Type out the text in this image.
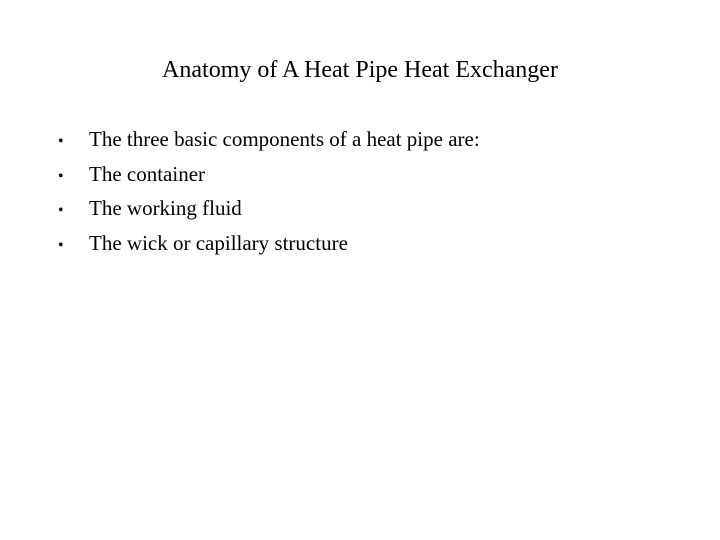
Anatomy of A Heat Pipe Heat Exchanger
•	The three basic components of a heat pipe are:
•	The container
•	The working fluid
•	The wick or capillary structure
